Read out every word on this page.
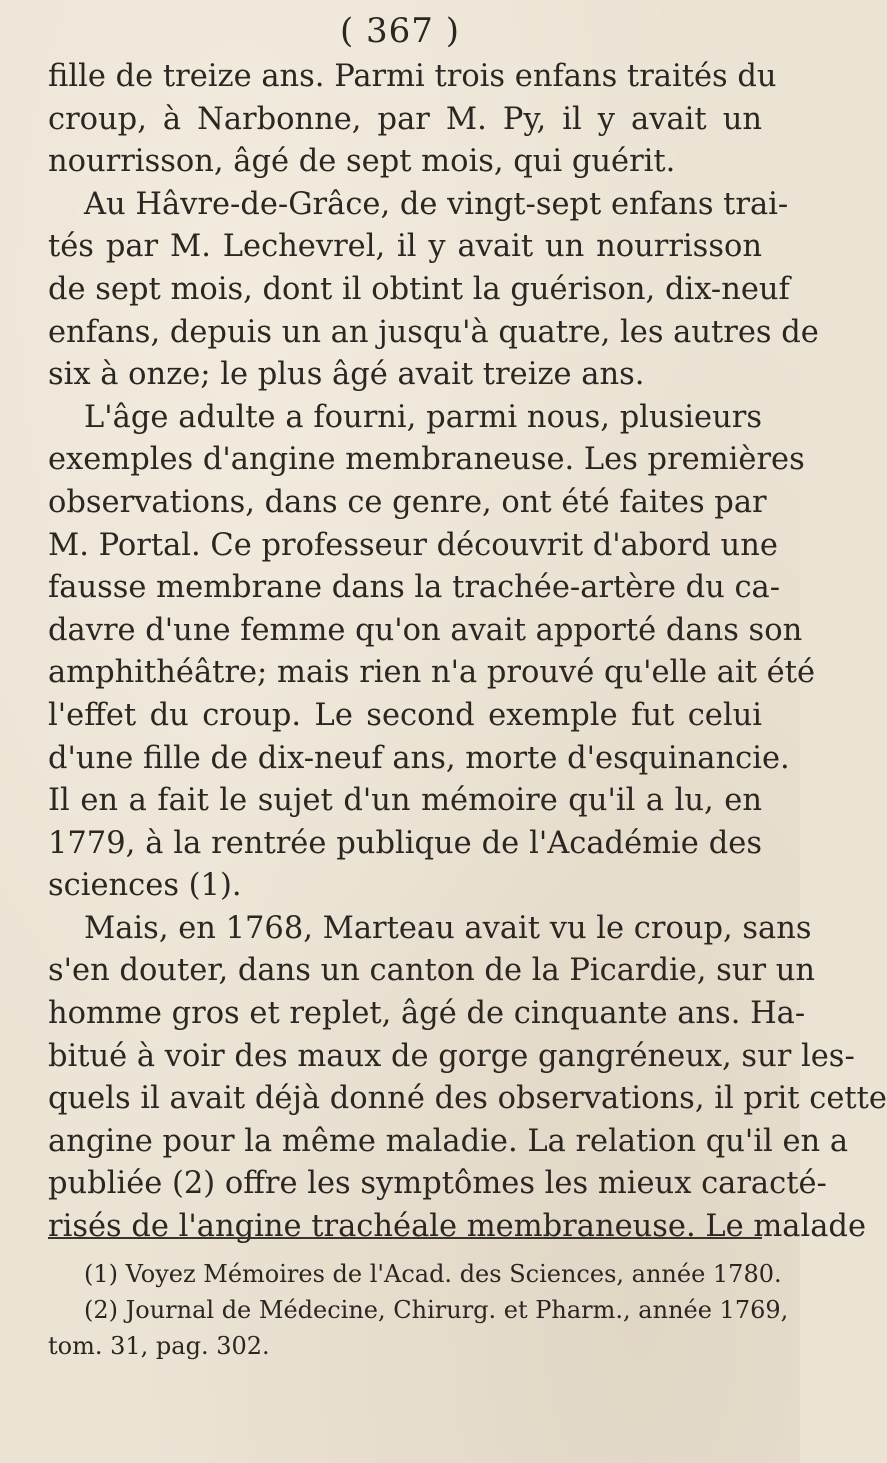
( 367 )
fille de treize ans. Parmi trois enfans traités du
croup, à Narbonne, par M. Py, il y avait un
nourrisson, âgé de sept mois, qui guérit.
Au Hâvre-de-Grâce, de vingt-sept enfans trai-
tés par M. Lechevrel, il y avait un nourrisson
de sept mois, dont il obtint la guérison, dix-neuf
enfans, depuis un an jusqu'à quatre, les autres de
six à onze; le plus âgé avait treize ans.
L'âge adulte a fourni, parmi nous, plusieurs
exemples d'angine membraneuse. Les premières
observations, dans ce genre, ont été faites par
M. Portal. Ce professeur découvrit d'abord une
fausse membrane dans la trachée-artère du ca-
davre d'une femme qu'on avait apporté dans son
amphithéâtre; mais rien n'a prouvé qu'elle ait été
l'effet du croup. Le second exemple fut celui
d'une fille de dix-neuf ans, morte d'esquinancie.
Il en a fait le sujet d'un mémoire qu'il a lu, en
1779, à la rentrée publique de l'Académie des
sciences (1).
Mais, en 1768, Marteau avait vu le croup, sans
s'en douter, dans un canton de la Picardie, sur un
homme gros et replet, âgé de cinquante ans. Ha-
bitué à voir des maux de gorge gangréneux, sur les-
quels il avait déjà donné des observations, il prit cette
angine pour la même maladie. La relation qu'il en a
publiée (2) offre les symptômes les mieux caracté-
risés de l'angine trachéale membraneuse. Le malade
(1) Voyez Mémoires de l'Acad. des Sciences, année 1780.
(2) Journal de Médecine, Chirurg. et Pharm., année 1769,
tom. 31, pag. 302.
